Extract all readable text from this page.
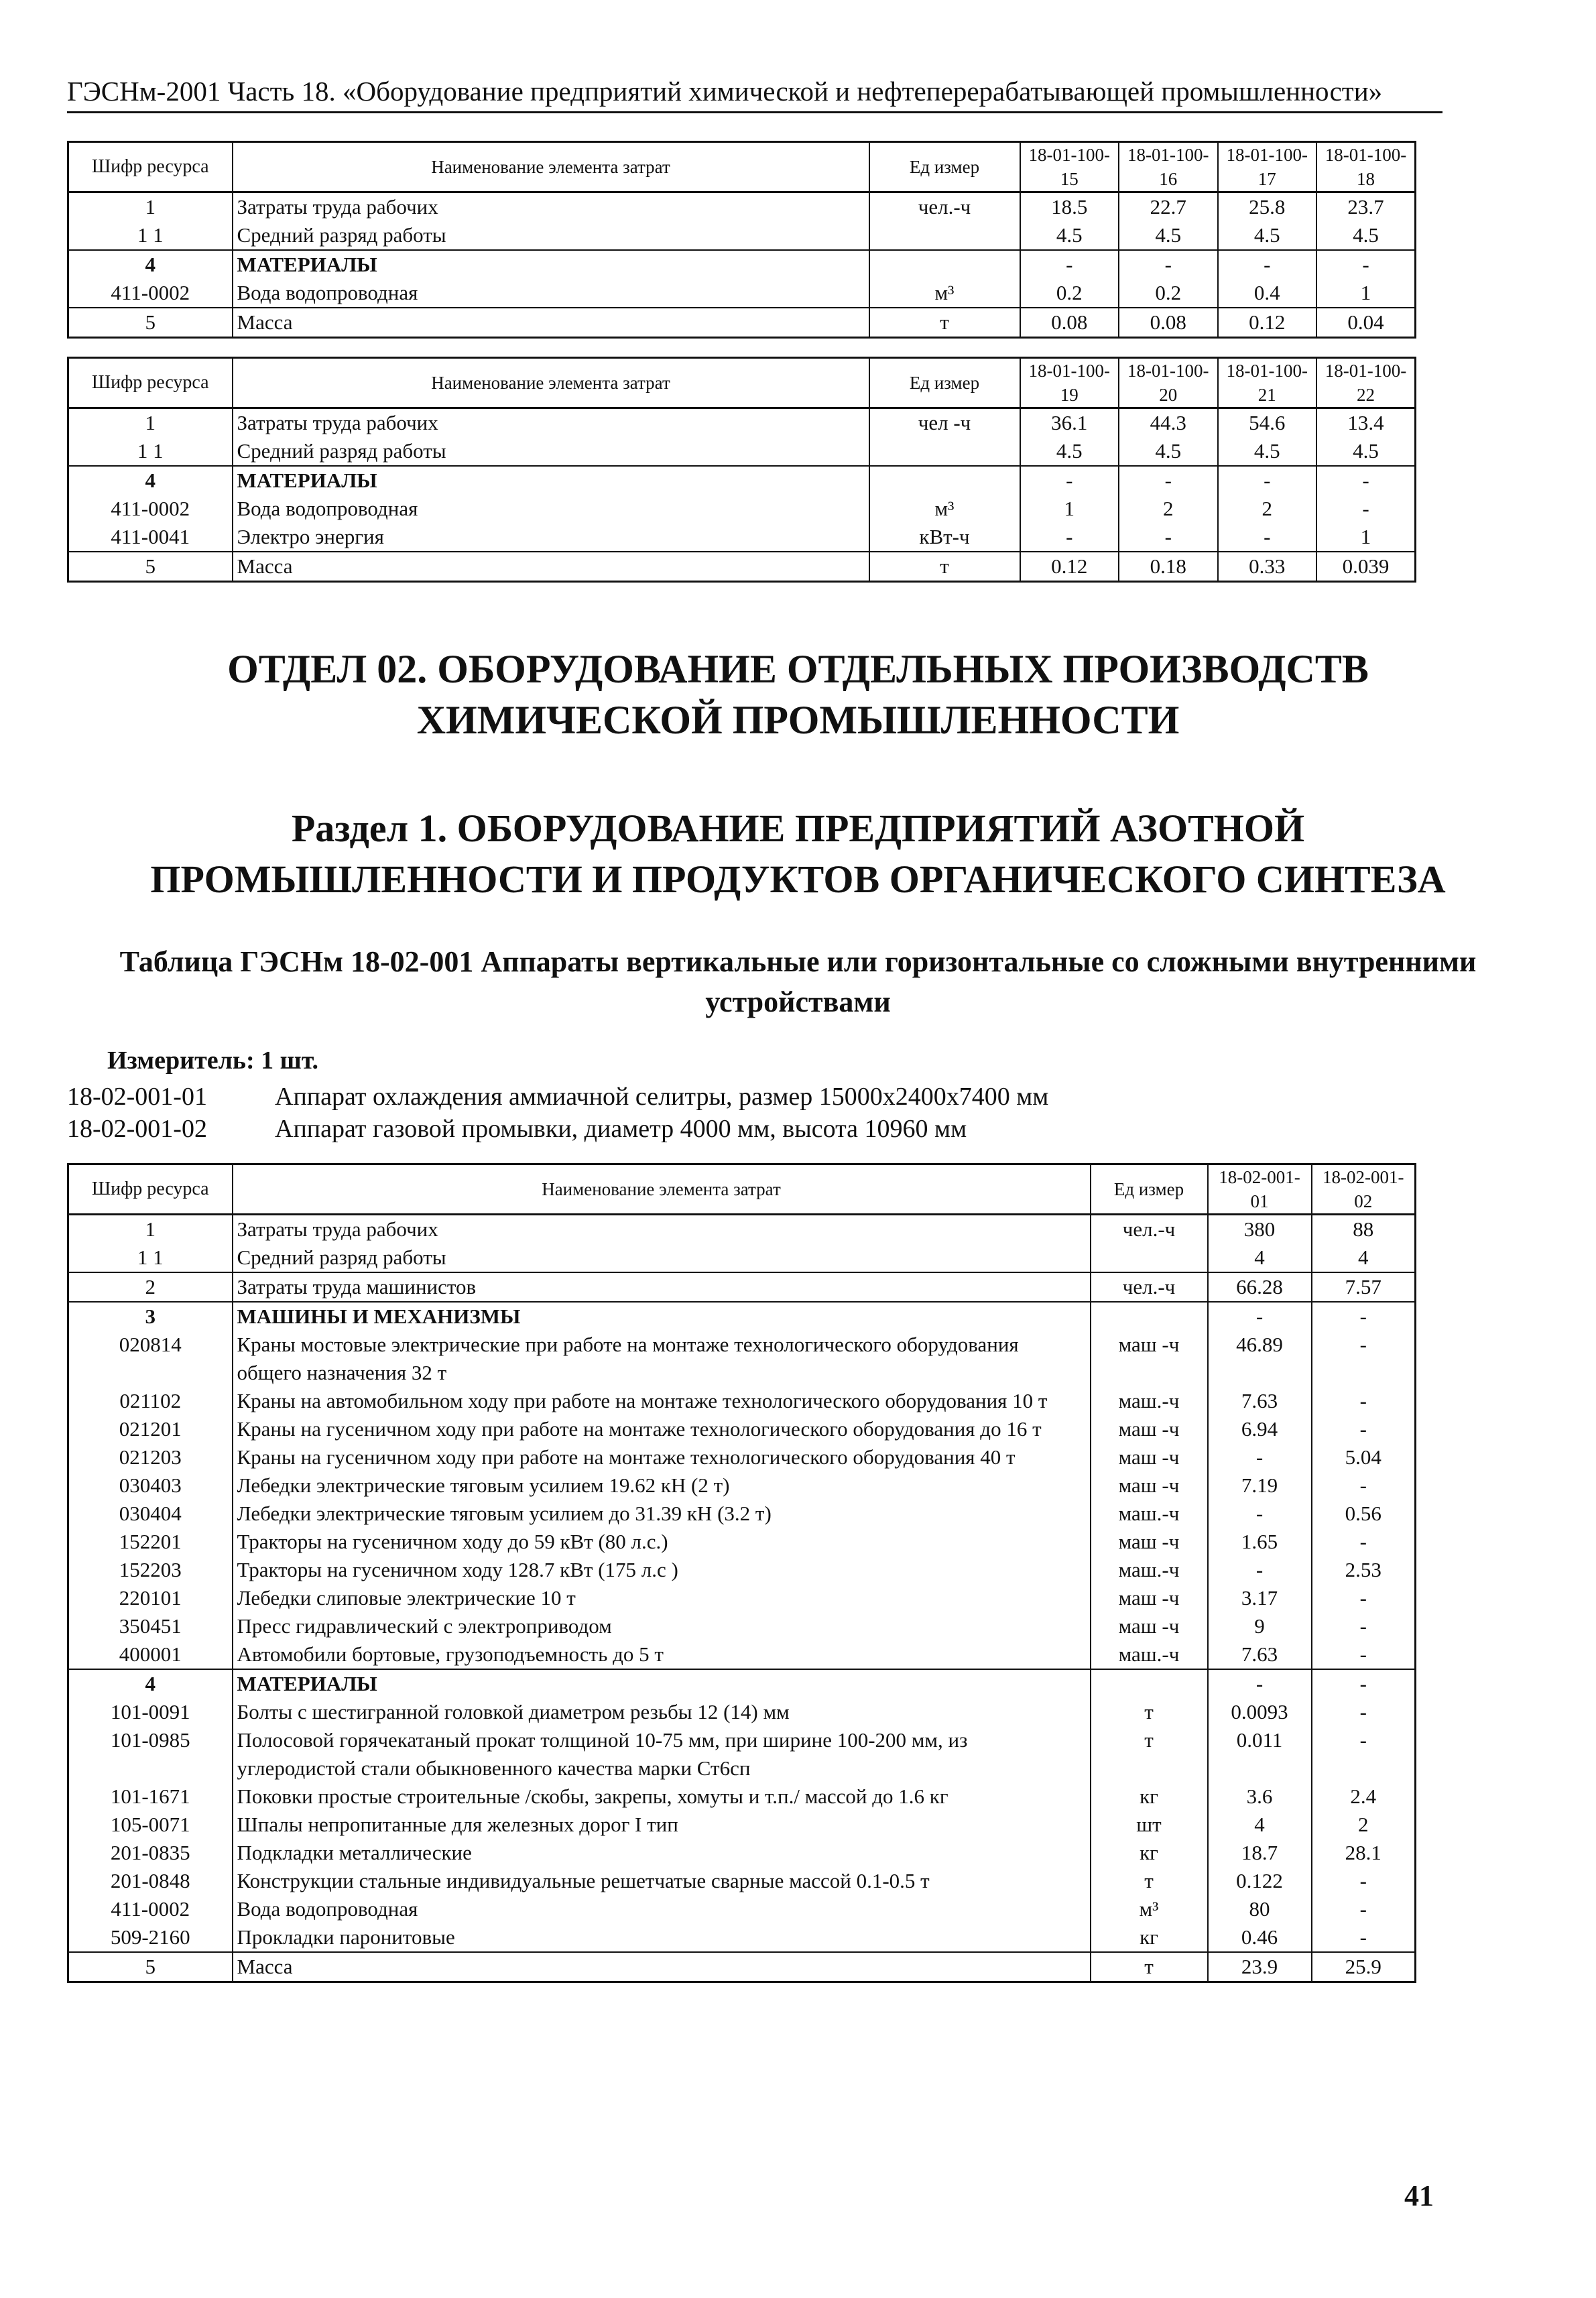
ГЭСНм-2001 Часть 18. «Оборудование предприятий химической и нефтеперерабатывающей промышленности»
Шифр ресурса	Наименование элемента затрат	Ед измер	18-01-100-15	18-01-100-16	18-01-100-17	18-01-100-18
1	Затраты труда рабочих	чел.-ч	18.5	22.7	25.8	23.7
1 1	Средний разряд работы		4.5	4.5	4.5	4.5
4	МАТЕРИАЛЫ		-	-	-	-
411-0002	Вода водопроводная	м³	0.2	0.2	0.4	1
5	Масса	т	0.08	0.08	0.12	0.04
Шифр ресурса	Наименование элемента затрат	Ед измер	18-01-100-19	18-01-100-20	18-01-100-21	18-01-100-22
1	Затраты труда рабочих	чел -ч	36.1	44.3	54.6	13.4
1 1	Средний разряд работы		4.5	4.5	4.5	4.5
4	МАТЕРИАЛЫ		-	-	-	-
411-0002	Вода водопроводная	м³	1	2	2	-
411-0041	Электро энергия	кВт-ч	-	-	-	1
5	Масса	т	0.12	0.18	0.33	0.039
ОТДЕЛ 02. ОБОРУДОВАНИЕ ОТДЕЛЬНЫХ ПРОИЗВОДСТВ ХИМИЧЕСКОЙ ПРОМЫШЛЕННОСТИ
Раздел 1. ОБОРУДОВАНИЕ ПРЕДПРИЯТИЙ АЗОТНОЙ ПРОМЫШЛЕННОСТИ И ПРОДУКТОВ ОРГАНИЧЕСКОГО СИНТЕЗА
Таблица ГЭСНм 18-02-001 Аппараты вертикальные или горизонтальные со сложными внутренними устройствами
Измеритель: 1 шт.
18-02-001-01	Аппарат охлаждения аммиачной селитры, размер 15000х2400х7400 мм
18-02-001-02	Аппарат газовой промывки, диаметр 4000 мм, высота 10960 мм
Шифр ресурса	Наименование элемента затрат	Ед измер	18-02-001-01	18-02-001-02
1	Затраты труда рабочих	чел.-ч	380	88
1 1	Средний разряд работы		4	4
2	Затраты труда машинистов	чел.-ч	66.28	7.57
3	МАШИНЫ И МЕХАНИЗМЫ		-	-
020814	Краны мостовые электрические при работе на монтаже технологического оборудования общего назначения 32 т	маш -ч	46.89	-
021102	Краны на автомобильном ходу при работе на монтаже технологического оборудования 10 т	маш.-ч	7.63	-
021201	Краны на гусеничном ходу при работе на монтаже технологического оборудования до 16 т	маш -ч	6.94	-
021203	Краны на гусеничном ходу при работе на монтаже технологического оборудования 40 т	маш -ч	-	5.04
030403	Лебедки электрические тяговым усилием 19.62 кН (2 т)	маш -ч	7.19	-
030404	Лебедки электрические тяговым усилием до 31.39 кН (3.2 т)	маш.-ч	-	0.56
152201	Тракторы на гусеничном ходу до 59 кВт (80 л.с.)	маш -ч	1.65	-
152203	Тракторы на гусеничном ходу 128.7 кВт (175 л.с )	маш.-ч	-	2.53
220101	Лебедки слиповые электрические 10 т	маш -ч	3.17	-
350451	Пресс гидравлический с электроприводом	маш -ч	9	-
400001	Автомобили бортовые, грузоподъемность до 5 т	маш.-ч	7.63	-
4	МАТЕРИАЛЫ		-	-
101-0091	Болты с шестигранной головкой диаметром резьбы 12 (14) мм	т	0.0093	-
101-0985	Полосовой горячекатаный прокат толщиной 10-75 мм, при ширине 100-200 мм, из углеродистой стали обыкновенного качества марки Ст6сп	т	0.011	-
101-1671	Поковки простые строительные /скобы, закрепы, хомуты и т.п./ массой до 1.6 кг	кг	3.6	2.4
105-0071	Шпалы непропитанные для железных дорог I тип	шт	4	2
201-0835	Подкладки металлические	кг	18.7	28.1
201-0848	Конструкции стальные индивидуальные решетчатые сварные массой 0.1-0.5 т	т	0.122	-
411-0002	Вода водопроводная	м³	80	-
509-2160	Прокладки паронитовые	кг	0.46	-
5	Масса	т	23.9	25.9
41
